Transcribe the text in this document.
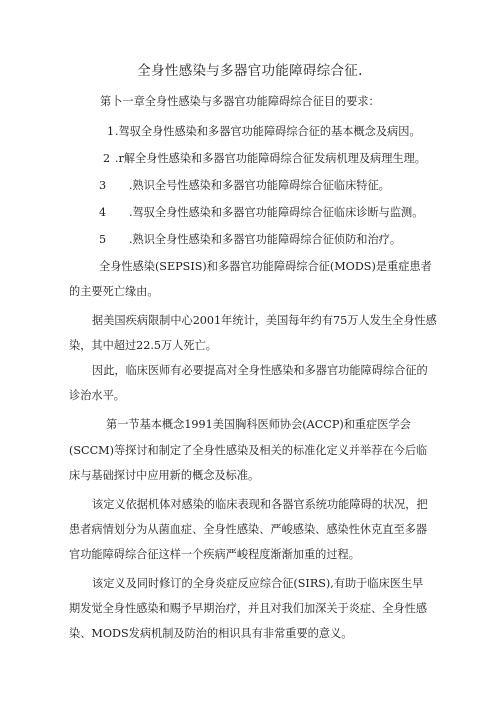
全身性感染与多器官功能障碍综合征.
第卜一章全身性感染与多器官功能障碍综合征目的要求：
1.驾驭全身性感染和多器官功能障碍综合征的基本概念及病因。
2 .r解全身性感染和多器官功能障碍综合征发病机理及病理生理。
3 .熟识全号性感染和多器官功能障碍综合征临床特征。
4 .驾驭全身性感染和多器官功能障碍综合征临床诊断与监测。
5 .熟识全身性感染和多器官功能障碍综合征侦防和治疗。
全身性感染(SEPSIS)和多器官功能障碍综合征(MODS)是重症患者
的主要死亡缘由。
据美国疾病限制中心2001年统计，美国每年约有75万人发生全身性感
染，其中超过22.5万人死亡。
因此，临床医师有必要提高对全身性感染和多器官功能障碍综合征的
诊治水平。
第一节基本概念1991美国胸科医师协会(ACCP)和重症医学会
(SCCM)等探讨和制定了全身性感染及相关的标准化定义并举荐在今后临
床与基础探讨中应用新的概念及标准。
该定义依据机体对感染的临床表现和各器官系统功能障碍的状况，把
患者病情划分为从菌血症、全身性感染、严峻感染、感染性休克直至多器
官功能障碍综合征这样一个疾病严峻程度渐渐加重的过程。
该定义及同时修订的全身炎症反应综合征(SIRS),有助于临床医生早
期发觉全身性感染和赐予早期治疗，并且对我们加深关于炎症、全身性感
染、MODS发病机制及防治的相识具有非常重要的意义。
